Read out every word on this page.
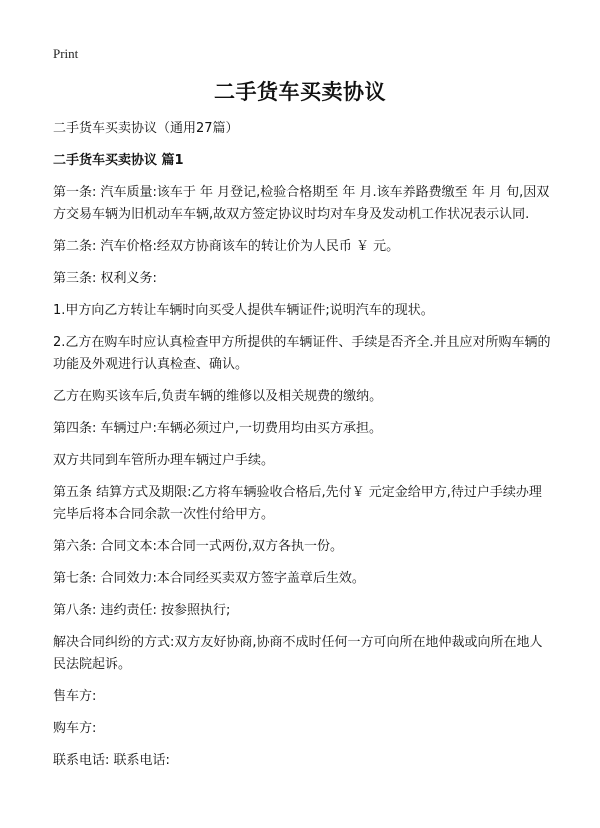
Print
二手货车买卖协议
二手货车买卖协议（通用27篇）
二手货车买卖协议 篇1
第一条: 汽车质量:该车于 年 月登记,检验合格期至 年 月.该车养路费缴至 年 月 旬,因双方交易车辆为旧机动车车辆,故双方签定协议时均对车身及发动机工作状况表示认同.
第二条: 汽车价格:经双方协商该车的转让价为人民币 ￥ 元。
第三条: 权利义务:
1.甲方向乙方转让车辆时向买受人提供车辆证件;说明汽车的现状。
2.乙方在购车时应认真检查甲方所提供的车辆证件、手续是否齐全.并且应对所购车辆的功能及外观进行认真检查、确认。
乙方在购买该车后,负责车辆的维修以及相关规费的缴纳。
第四条: 车辆过户:车辆必须过户,一切费用均由买方承担。
双方共同到车管所办理车辆过户手续。
第五条 结算方式及期限:乙方将车辆验收合格后,先付￥ 元定金给甲方,待过户手续办理完毕后将本合同余款一次性付给甲方。
第六条: 合同文本:本合同一式两份,双方各执一份。
第七条: 合同效力:本合同经买卖双方签字盖章后生效。
第八条: 违约责任: 按参照执行;
解决合同纠纷的方式:双方友好协商,协商不成时任何一方可向所在地仲裁或向所在地人民法院起诉。
售车方:
购车方:
联系电话: 联系电话:
